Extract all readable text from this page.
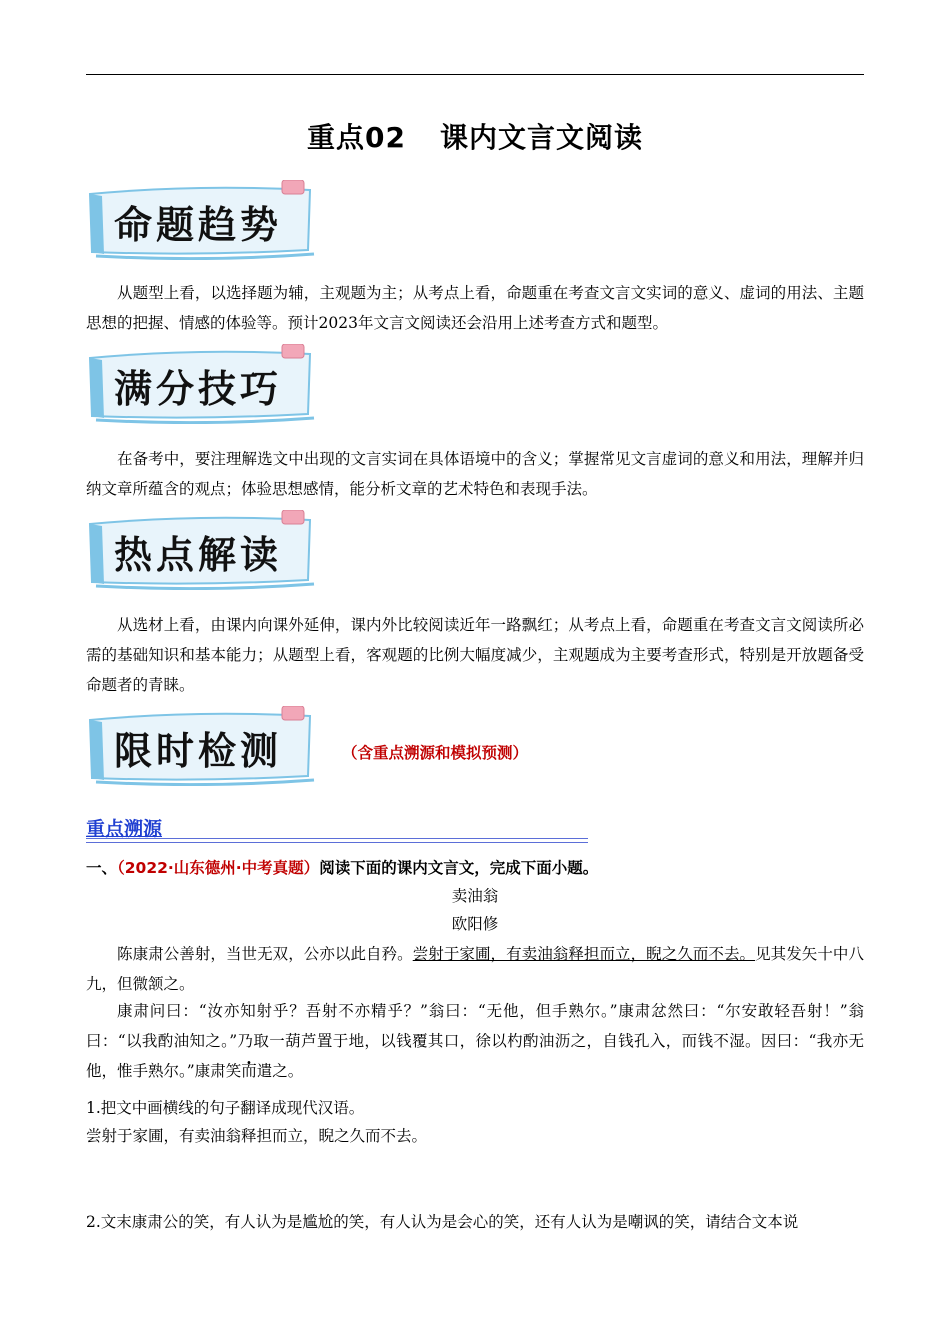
重点02 课内文言文阅读
命题趋势
从题型上看，以选择题为辅，主观题为主；从考点上看，命题重在考查文言文实词的意义、虚词的用法、主题思想的把握、情感的体验等。预计2023年文言文阅读还会沿用上述考查方式和题型。
满分技巧
在备考中，要注理解选文中出现的文言实词在具体语境中的含义；掌握常见文言虚词的意义和用法，理解并归纳文章所蕴含的观点；体验思想感情，能分析文章的艺术特色和表现手法。
热点解读
从选材上看，由课内向课外延伸，课内外比较阅读近年一路飘红；从考点上看，命题重在考查文言文阅读所必需的基础知识和基本能力；从题型上看，客观题的比例大幅度减少，主观题成为主要考查形式，特别是开放题备受命题者的青睐。
限时检测	（含重点溯源和模拟预测）
重点溯源
一、（2022·山东德州·中考真题）阅读下面的课内文言文，完成下面小题。
卖油翁
欧阳修
陈康肃公善射，当世无双，公亦以此自矜。尝射于家圃，有卖油翁释担而立，睨之久而不去。见其发矢十中八九，但微颔之。
康肃问曰：“汝亦知射乎？吾射不亦精乎？”翁曰：“无他，但手熟尔。”康肃忿然曰：“尔安敢轻吾射！”翁曰：“以我酌油知之。”乃取一葫芦置于地，以钱覆其口，徐以杓酌油沥之，自钱孔入，而钱不湿。因曰：“我亦无他，惟手熟尔。”康肃笑而遣之。
1.把文中画横线的句子翻译成现代汉语。
尝射于家圃，有卖油翁释担而立，睨之久而不去。
2.文末康肃公的笑，有人认为是尴尬的笑，有人认为是会心的笑，还有人认为是嘲讽的笑，请结合文本说
